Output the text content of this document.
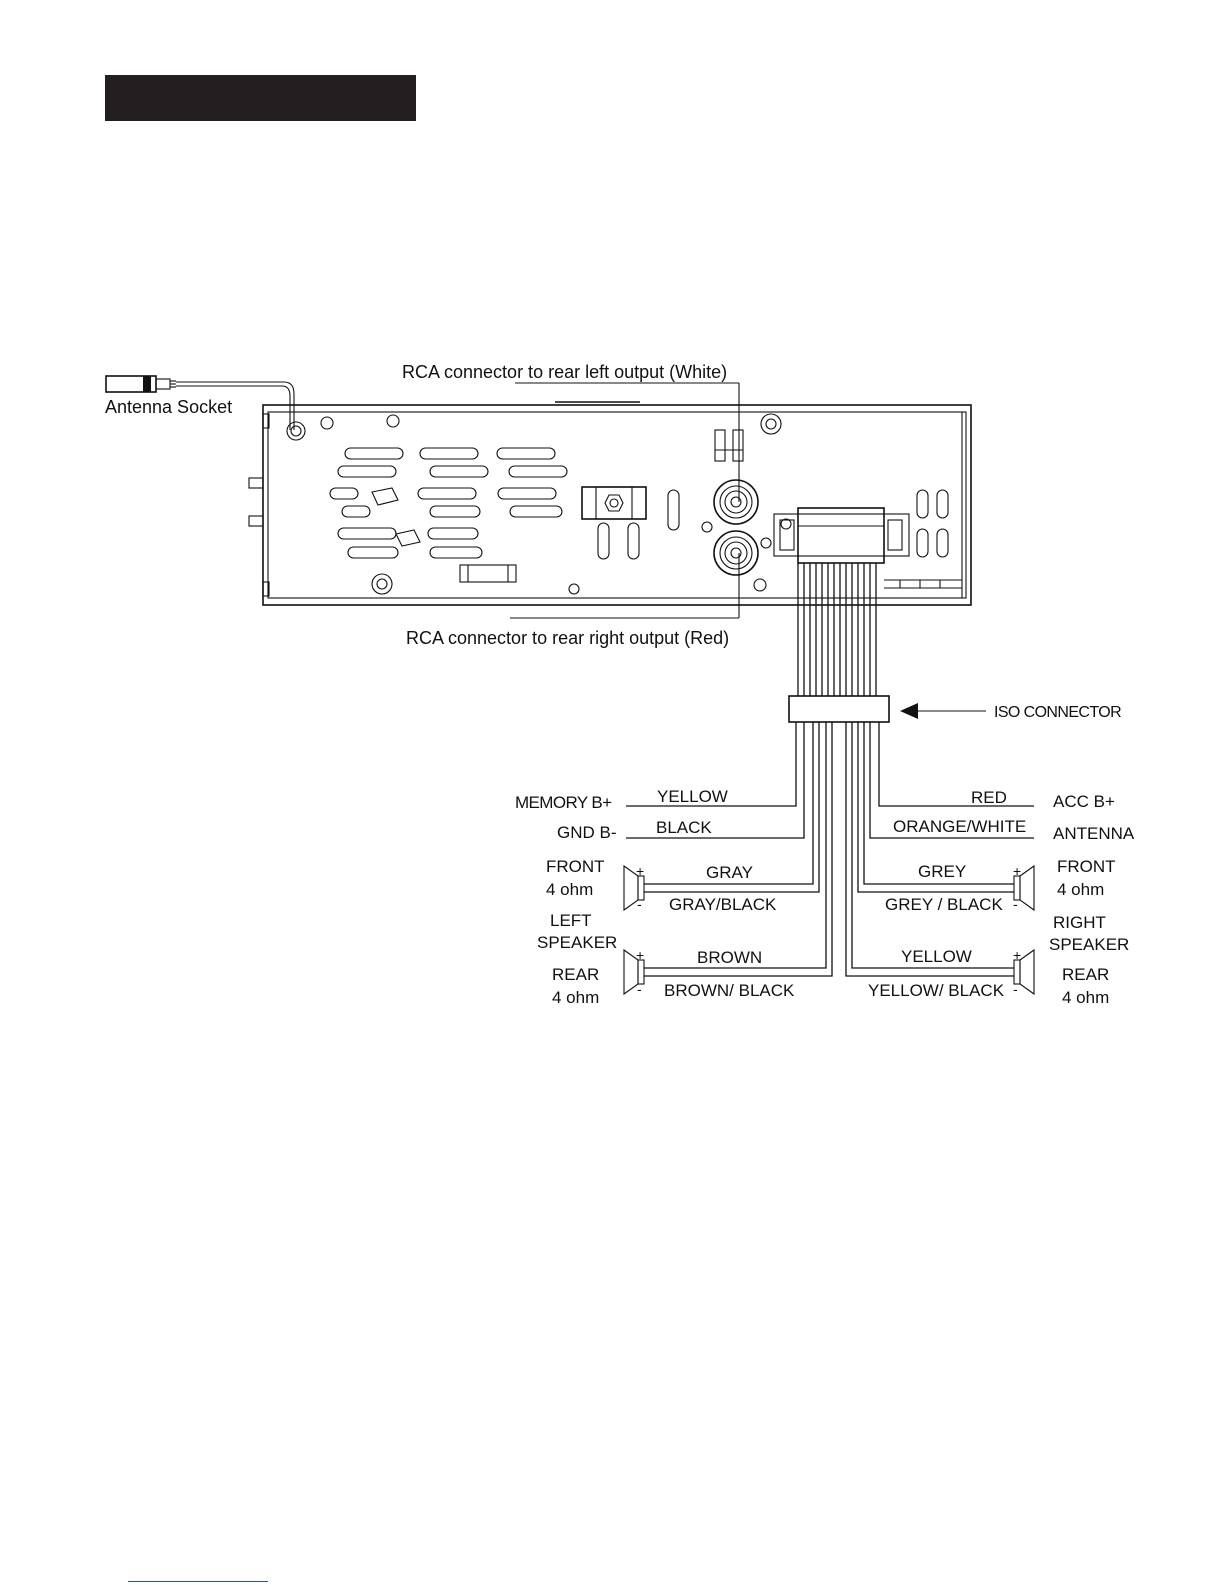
Antenna Socket
RCA connector to rear left output (White)
RCA connector to rear right output (Red)
ISO CONNECTOR
+
-
+
-
+
-
+
-
MEMORY B+	YELLOW
GND B- BLACK
FRONT
4 ohm
GRAY
GRAY/BLACK
LEFT
SPEAKER
REAR
4 ohm
BROWN
BROWN/ BLACK
RED	ACC B+
ORANGE/WHITE ANTENNA
FRONT
4 ohm
GREY
GREY / BLACK
RIGHT
SPEAKER
REAR
4 ohm
YELLOW
YELLOW/ BLACK
